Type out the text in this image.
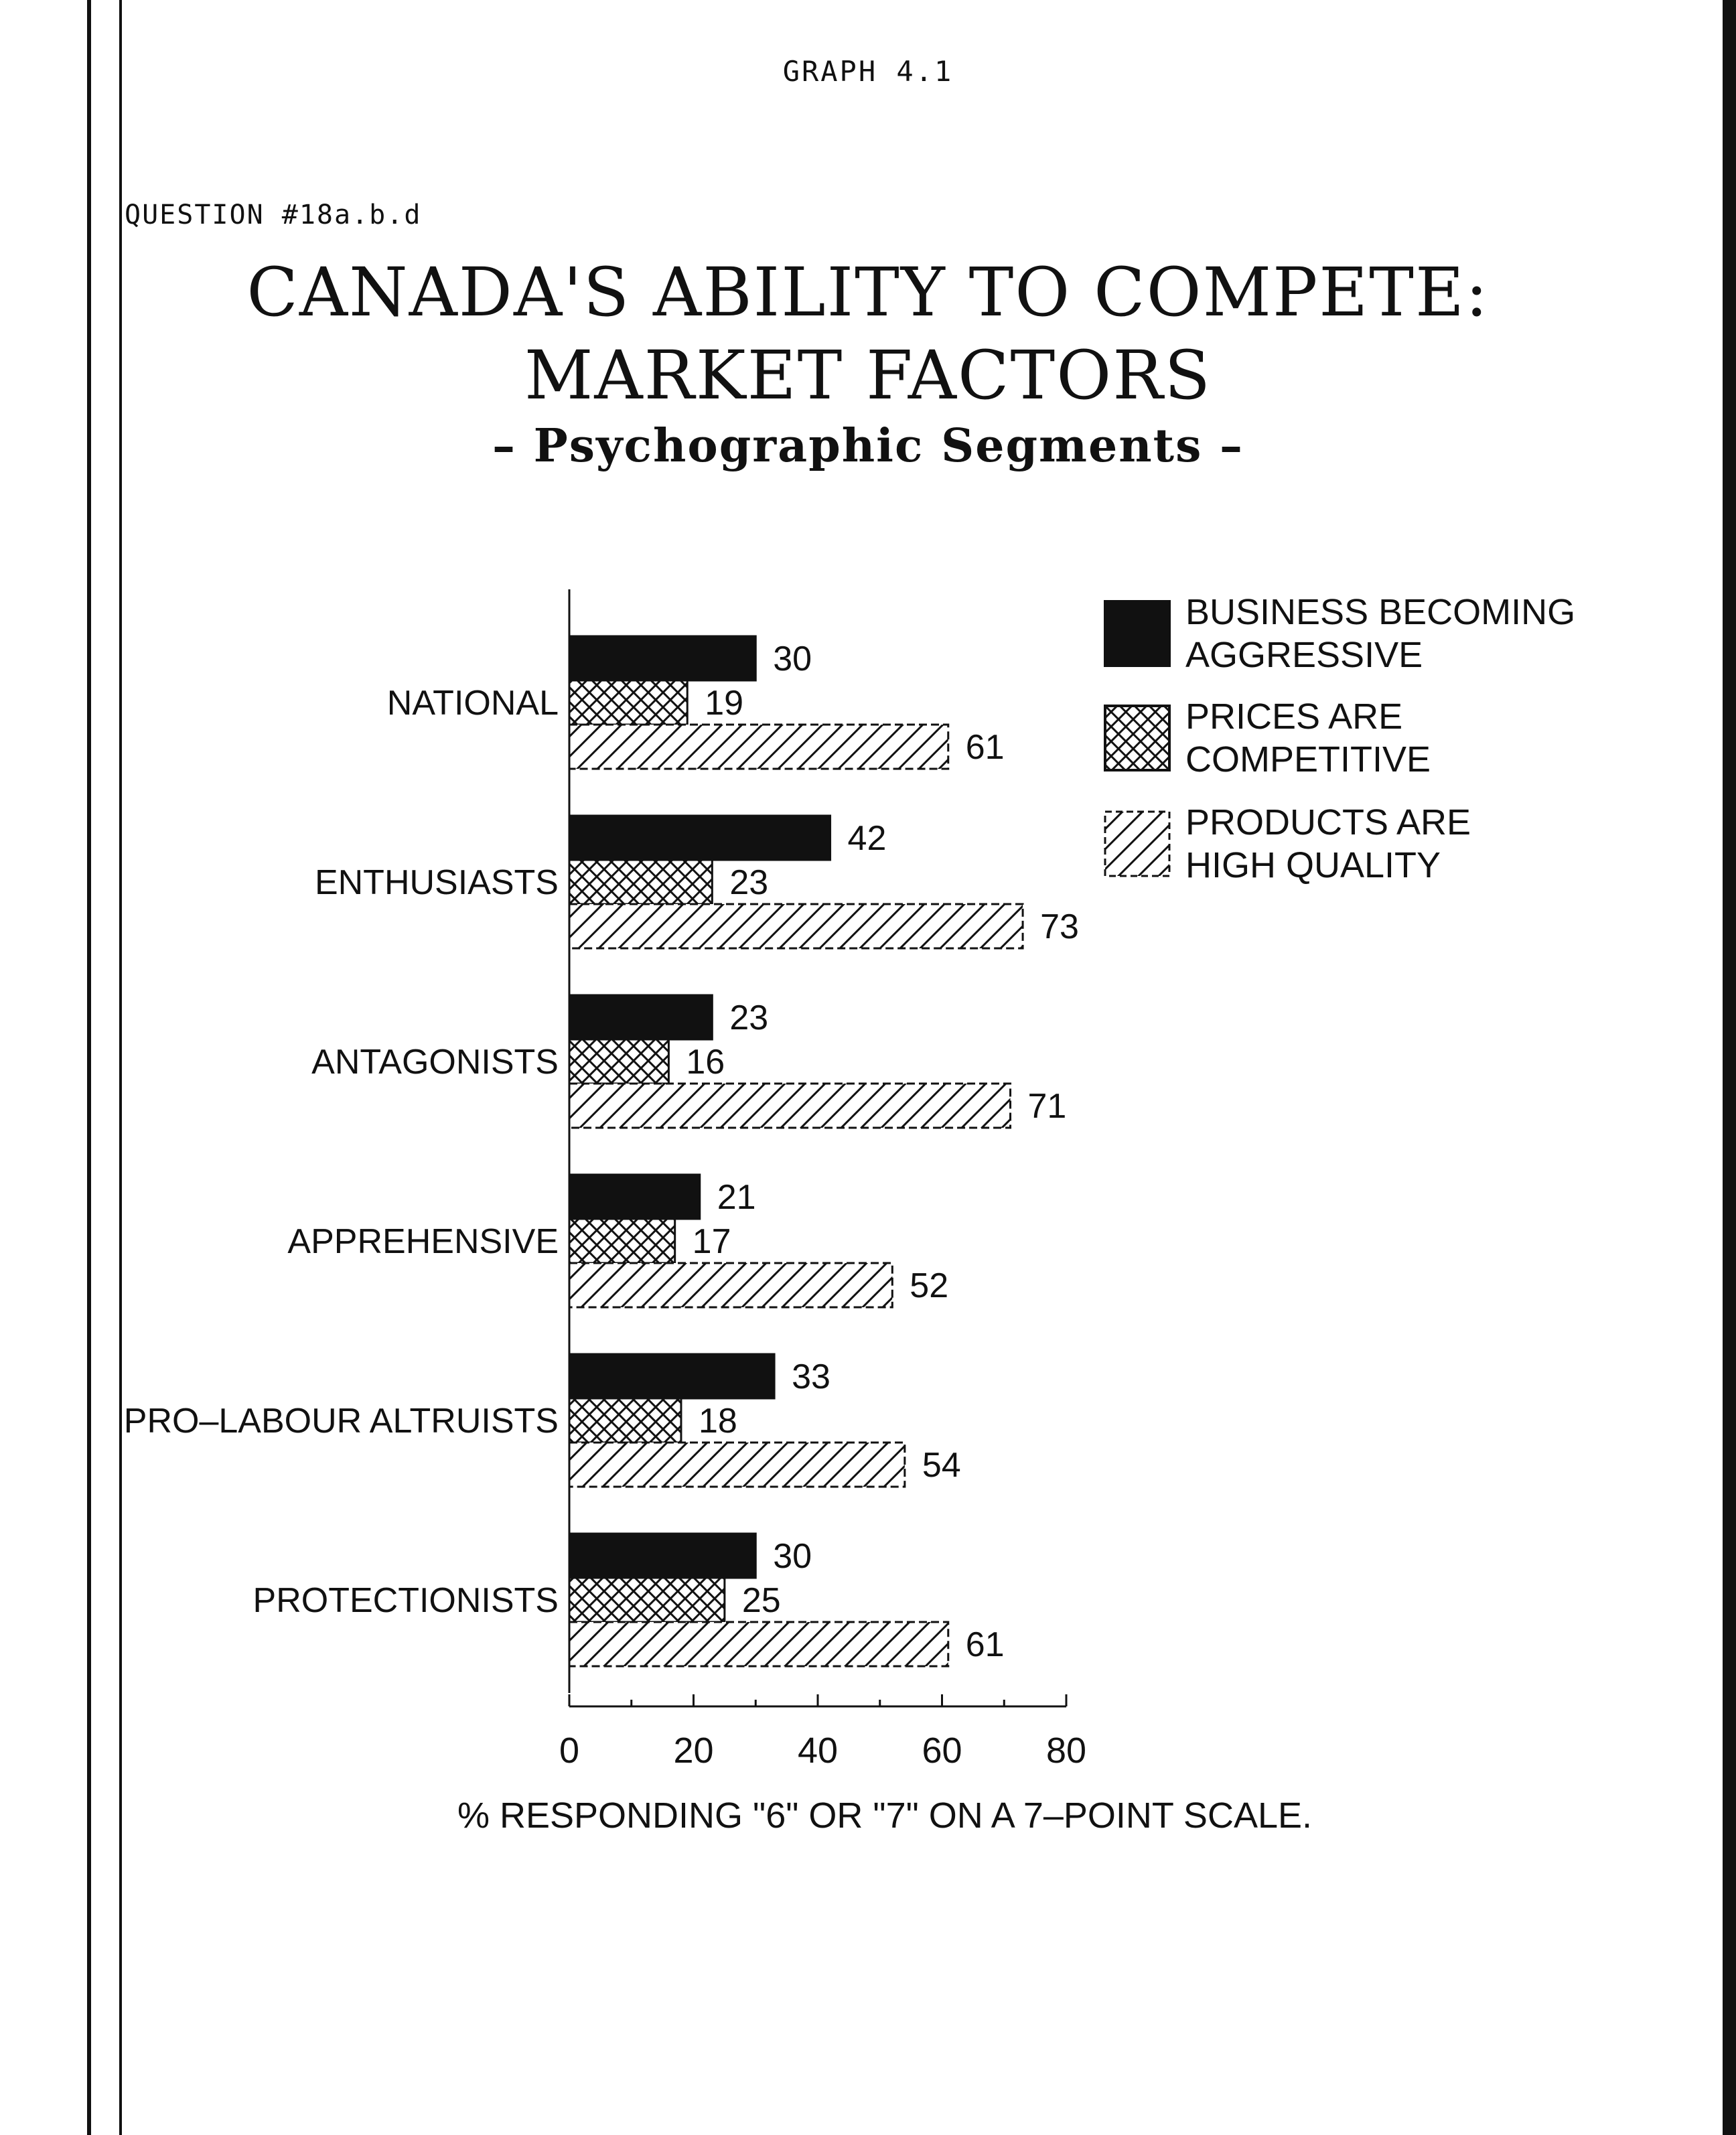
GRAPH 4.1
QUESTION #18a.b.d
CANADA'S ABILITY TO COMPETE:
MARKET FACTORS
– Psychographic Segments –
NATIONAL
30
19
61
ENTHUSIASTS
42
23
73
ANTAGONISTS
23
16
71
APPREHENSIVE
21
17
52
PRO–LABOUR ALTRUISTS
33
18
54
PROTECTIONISTS
30
25
61
0	20 40 60 80
BUSINESS BECOMING
AGGRESSIVE
PRICES ARE
COMPETITIVE
PRODUCTS ARE
HIGH QUALITY
% RESPONDING "6" OR "7" ON A 7–POINT SCALE.
